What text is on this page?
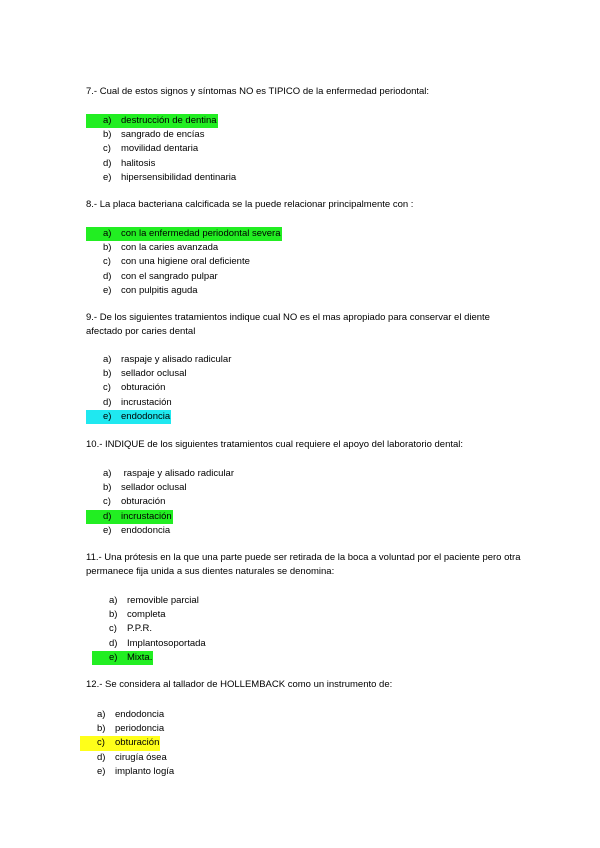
7.- Cual de estos signos y síntomas NO es TIPICO de la enfermedad periodontal:

a) destrucción de dentina
b) sangrado de encías
c) movilidad dentaria
d) halitosis
e) hipersensibilidad dentinaria

8.- La placa bacteriana calcificada se la puede relacionar principalmente con :

a) con la enfermedad periodontal severa
b) con la caries avanzada
c) con una higiene oral deficiente
d) con el sangrado pulpar
e) con pulpitis aguda

9.- De los siguientes tratamientos indique cual NO es el mas apropiado para conservar el diente afectado por caries dental

a) raspaje y alisado radicular
b) sellador oclusal
c) obturación
d) incrustación
e) endodoncia

10.- INDIQUE de los siguientes tratamientos cual requiere el apoyo del laboratorio dental:

a) raspaje y alisado radicular
b) sellador oclusal
c) obturación
d) incrustación
e) endodoncia

11.- Una prótesis en la que una parte puede ser retirada de la boca a voluntad por el paciente pero otra permanece fija unida a sus dientes naturales se denomina:

a) removible parcial
b) completa
c) P.P.R.
d) Implantosoportada
e) Mixta.

12.- Se considera al tallador de HOLLEMBACK como un instrumento de:

a) endodoncia
b) periodoncia
c) obturación
d) cirugía ósea
e) implanto logía
